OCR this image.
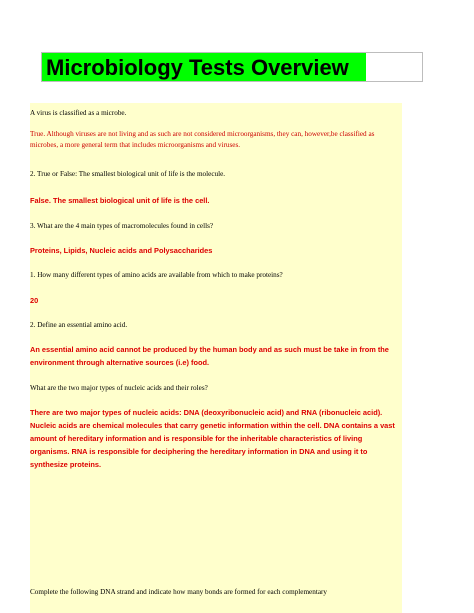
Microbiology Tests Overview
A virus is classified as a microbe.
True. Although viruses are not living and as such are not considered microorganisms, they can, however,be classified as microbes, a more general term that includes microorganisms and viruses.
2. True or False: The smallest biological unit of life is the molecule.
False. The smallest biological unit of life is the cell.
3. What are the 4 main types of macromolecules found in cells?
Proteins, Lipids, Nucleic acids and Polysaccharides
1. How many different types of amino acids are available from which to make proteins?
20
2. Define an essential amino acid.
An essential amino acid cannot be produced by the human body and as such must be take in from the environment through alternative sources (i.e) food.
What are the two major types of nucleic acids and their roles?
There are two major types of nucleic acids: DNA (deoxyribonucleic acid) and RNA (ribonucleic acid). Nucleic acids are chemical molecules that carry genetic information within the cell. DNA contains a vast amount of hereditary information and is responsible for the inheritable characteristics of living organisms. RNA is responsible for deciphering the hereditary information in DNA and using it to synthesize proteins.
Complete the following DNA strand and indicate how many bonds are formed for each complementary
